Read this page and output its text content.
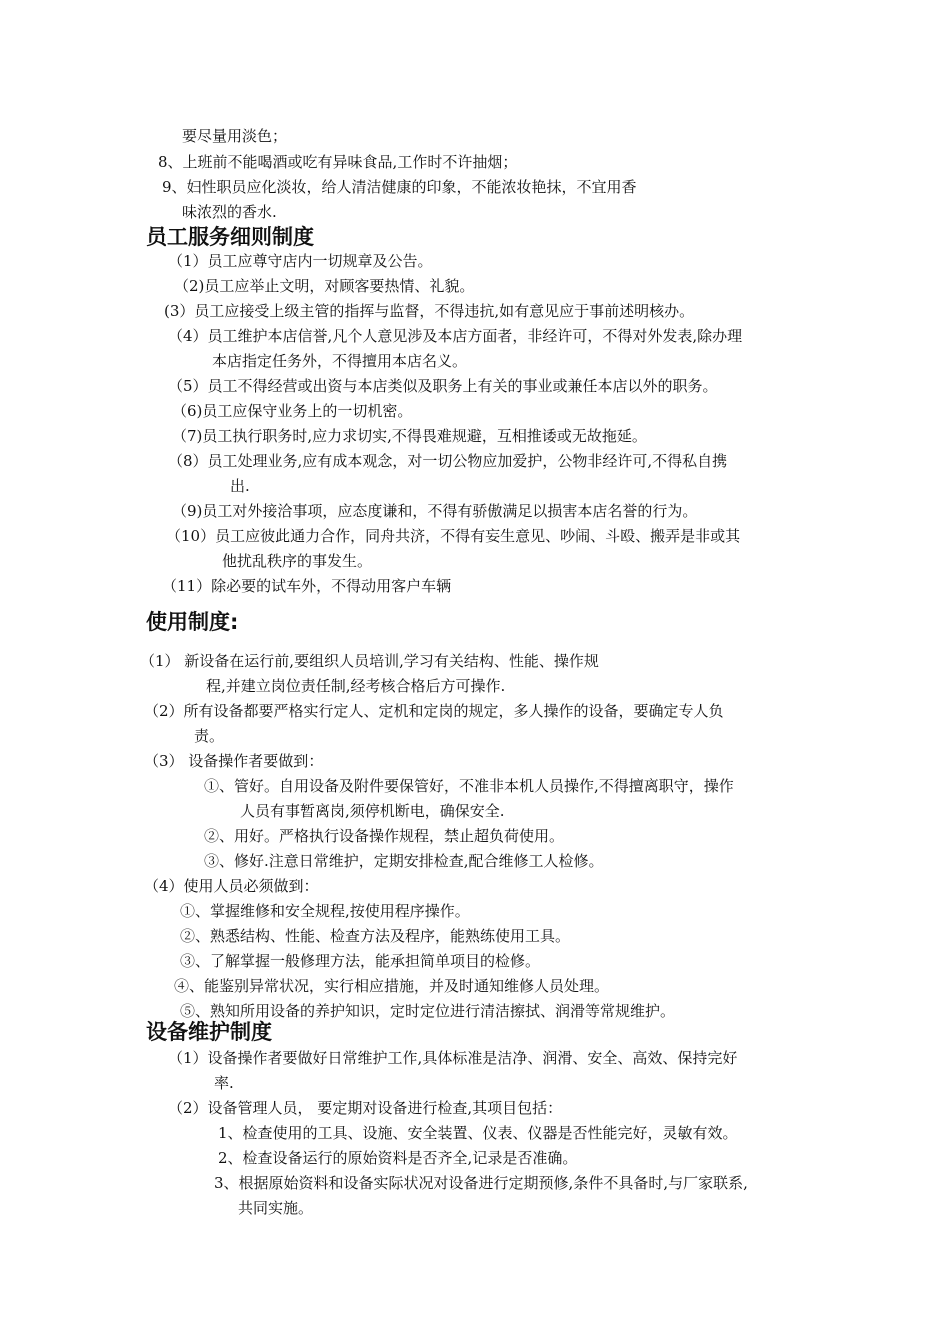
要尽量用淡色；
8、上班前不能喝酒或吃有异味食品,工作时不许抽烟；
9、妇性职员应化淡妆，给人清洁健康的印象，不能浓妆艳抹，不宜用香
味浓烈的香水.
员工服务细则制度
（1）员工应尊守店内一切规章及公告。
（2)员工应举止文明，对顾客要热情、礼貌。
(3）员工应接受上级主管的指挥与监督，不得违抗,如有意见应于事前述明核办。
（4）员工维护本店信誉,凡个人意见涉及本店方面者，非经许可，不得对外发表,除办理
本店指定任务外，不得擅用本店名义。
（5）员工不得经营或出资与本店类似及职务上有关的事业或兼任本店以外的职务。
（6)员工应保守业务上的一切机密。
（7)员工执行职务时,应力求切实,不得畏难规避，互相推诿或无故拖延。
（8）员工处理业务,应有成本观念，对一切公物应加爱护，公物非经许可,不得私自携
出.
（9)员工对外接洽事项，应态度谦和，不得有骄傲满足以损害本店名誉的行为。
（10）员工应彼此通力合作，同舟共济，不得有妄生意见、吵闹、斗殴、搬弄是非或其
他扰乱秩序的事发生。
（11）除必要的试车外，不得动用客户车辆
使用制度:
（1） 新设备在运行前,要组织人员培训,学习有关结构、性能、操作规
程,并建立岗位责任制,经考核合格后方可操作.
（2）所有设备都要严格实行定人、定机和定岗的规定，多人操作的设备，要确定专人负
责。
（3） 设备操作者要做到：
①、管好。自用设备及附件要保管好，不准非本机人员操作,不得擅离职守，操作
人员有事暂离岗,须停机断电，确保安全.
②、用好。严格执行设备操作规程，禁止超负荷使用。
③、修好.注意日常维护，定期安排检查,配合维修工人检修。
（4）使用人员必须做到：
①、掌握维修和安全规程,按使用程序操作。
②、熟悉结构、性能、检查方法及程序，能熟练使用工具。
③、了解掌握一般修理方法，能承担简单项目的检修。
④、能鉴别异常状况，实行相应措施，并及时通知维修人员处理。
⑤、熟知所用设备的养护知识，定时定位进行清洁擦拭、润滑等常规维护。
设备维护制度
（1）设备操作者要做好日常维护工作,具体标准是洁净、润滑、安全、高效、保持完好
率.
（2）设备管理人员， 要定期对设备进行检查,其项目包括：
1、检查使用的工具、设施、安全装置、仪表、仪器是否性能完好，灵敏有效。
2、检查设备运行的原始资料是否齐全,记录是否准确。
3、根据原始资料和设备实际状况对设备进行定期预修,条件不具备时,与厂家联系,
共同实施。
